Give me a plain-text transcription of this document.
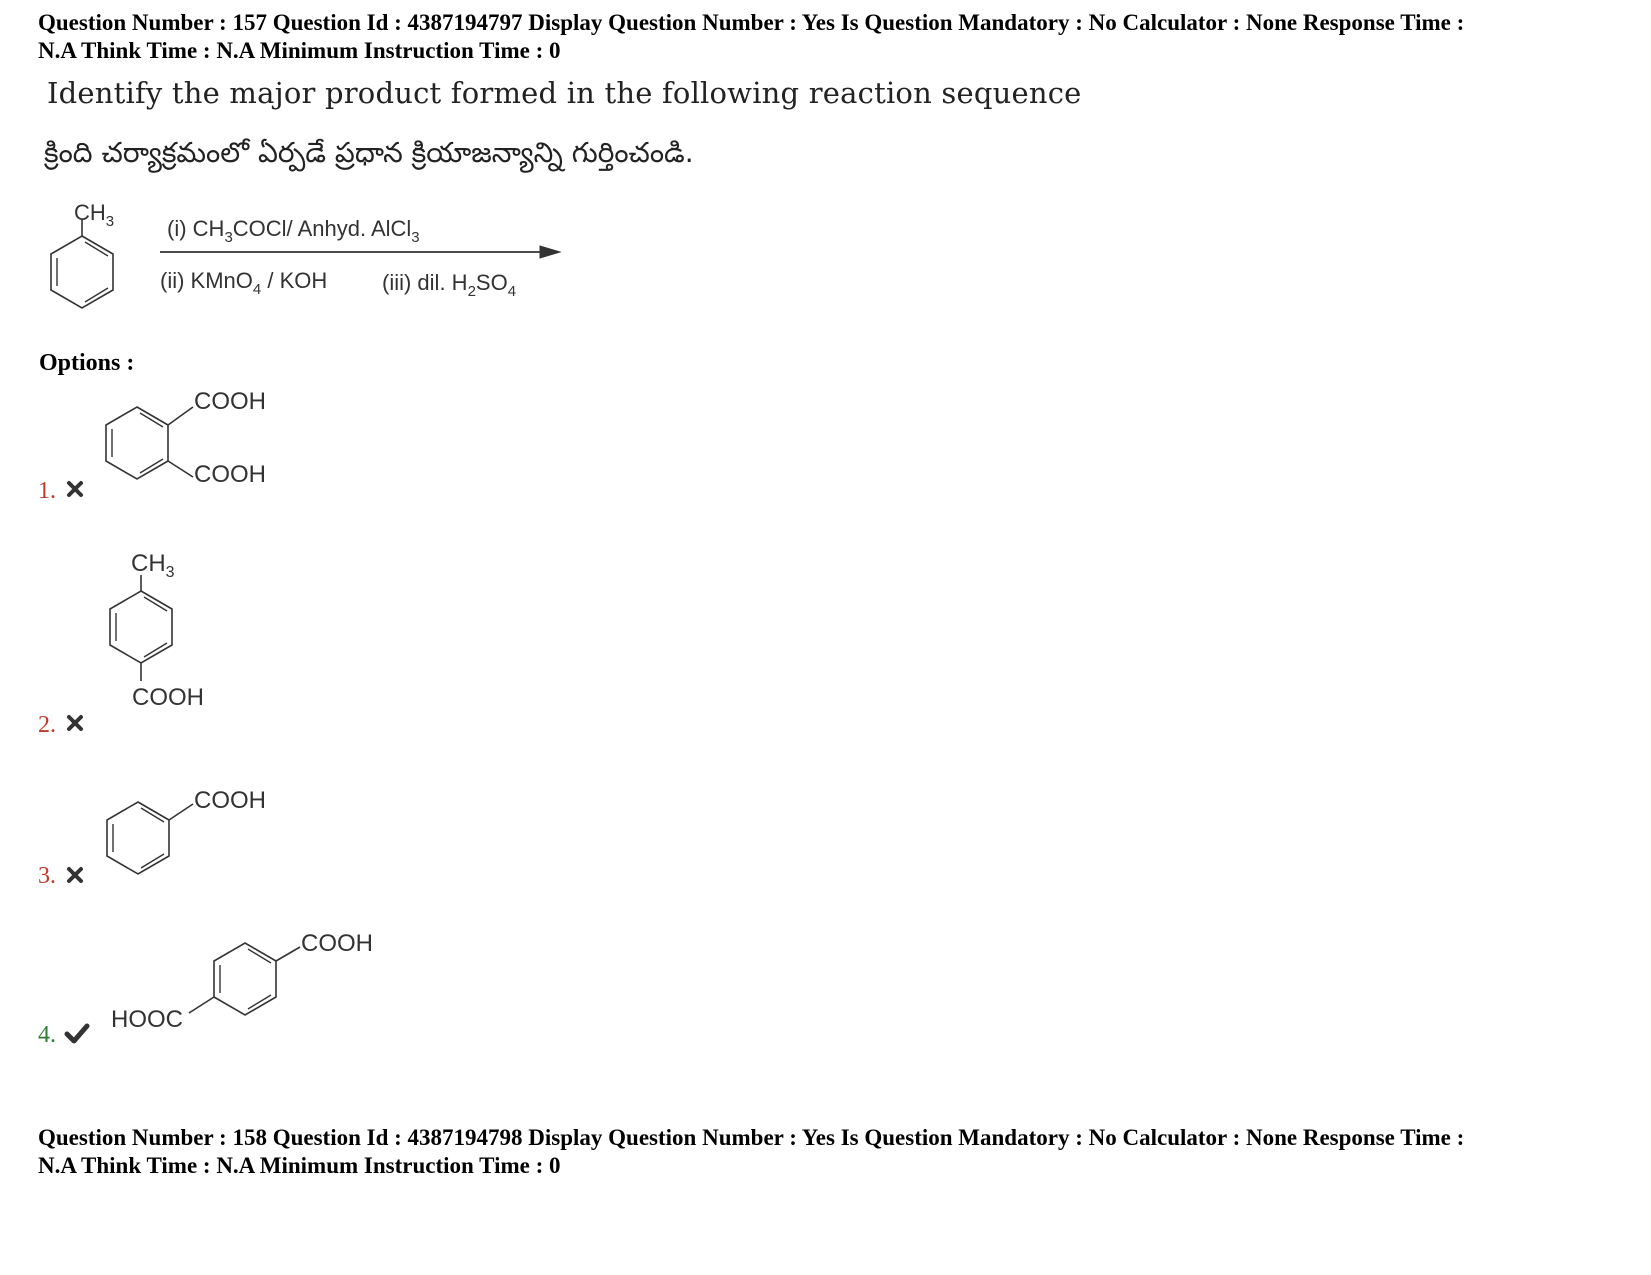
Question Number : 157 Question Id : 4387194797 Display Question Number : Yes Is Question Mandatory : No Calculator : None Response Time :
N.A Think Time : N.A Minimum Instruction Time : 0
Identify the major product formed in the following reaction sequence
క్రింది చర్యాక్రమంలో ఏర్పడే ప్రధాన క్రియాజన్యాన్ని గుర్తించండి.
$CH_3$ (i) $CH_3COCl/$ Anhyd. AlCl$_3$
(ii) KMnO$_4$ / KOH (iii) dil. $H_2SO_4$
Options :
1.
COOH
COOH
2.
$CH_3$
COOH
3.
COOH
4.
COOH
HOOC
Question Number : 158 Question Id : 4387194798 Display Question Number : Yes Is Question Mandatory : No Calculator : None Response Time :
N.A Think Time : N.A Minimum Instruction Time : 0
